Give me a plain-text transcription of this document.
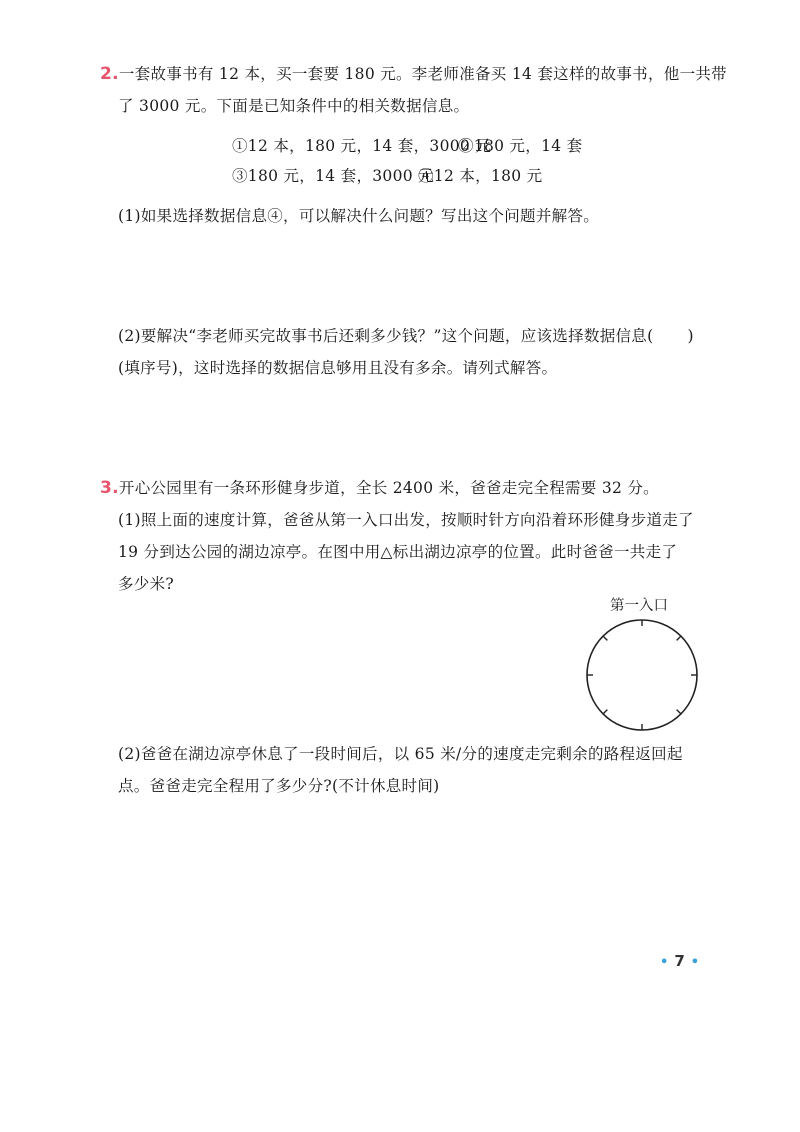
2.一套故事书有 12 本，买一套要 180 元。李老师准备买 14 套这样的故事书，他一共带
了 3000 元。下面是已知条件中的相关数据信息。
①12 本，180 元，14 套，3000 元
②180 元，14 套
③180 元，14 套，3000 元
④12 本，180 元
(1)如果选择数据信息④，可以解决什么问题？写出这个问题并解答。
(2)要解决“李老师买完故事书后还剩多少钱？”这个问题，应该选择数据信息( )
(填序号)，这时选择的数据信息够用且没有多余。请列式解答。
3.开心公园里有一条环形健身步道，全长 2400 米，爸爸走完全程需要 32 分。
(1)照上面的速度计算，爸爸从第一入口出发，按顺时针方向沿着环形健身步道走了
19 分到达公园的湖边凉亭。在图中用△标出湖边凉亭的位置。此时爸爸一共走了
多少米?
第一入口
(2)爸爸在湖边凉亭休息了一段时间后，以 65 米/分的速度走完剩余的路程返回起
点。爸爸走完全程用了多少分?(不计休息时间)
• 7 •
